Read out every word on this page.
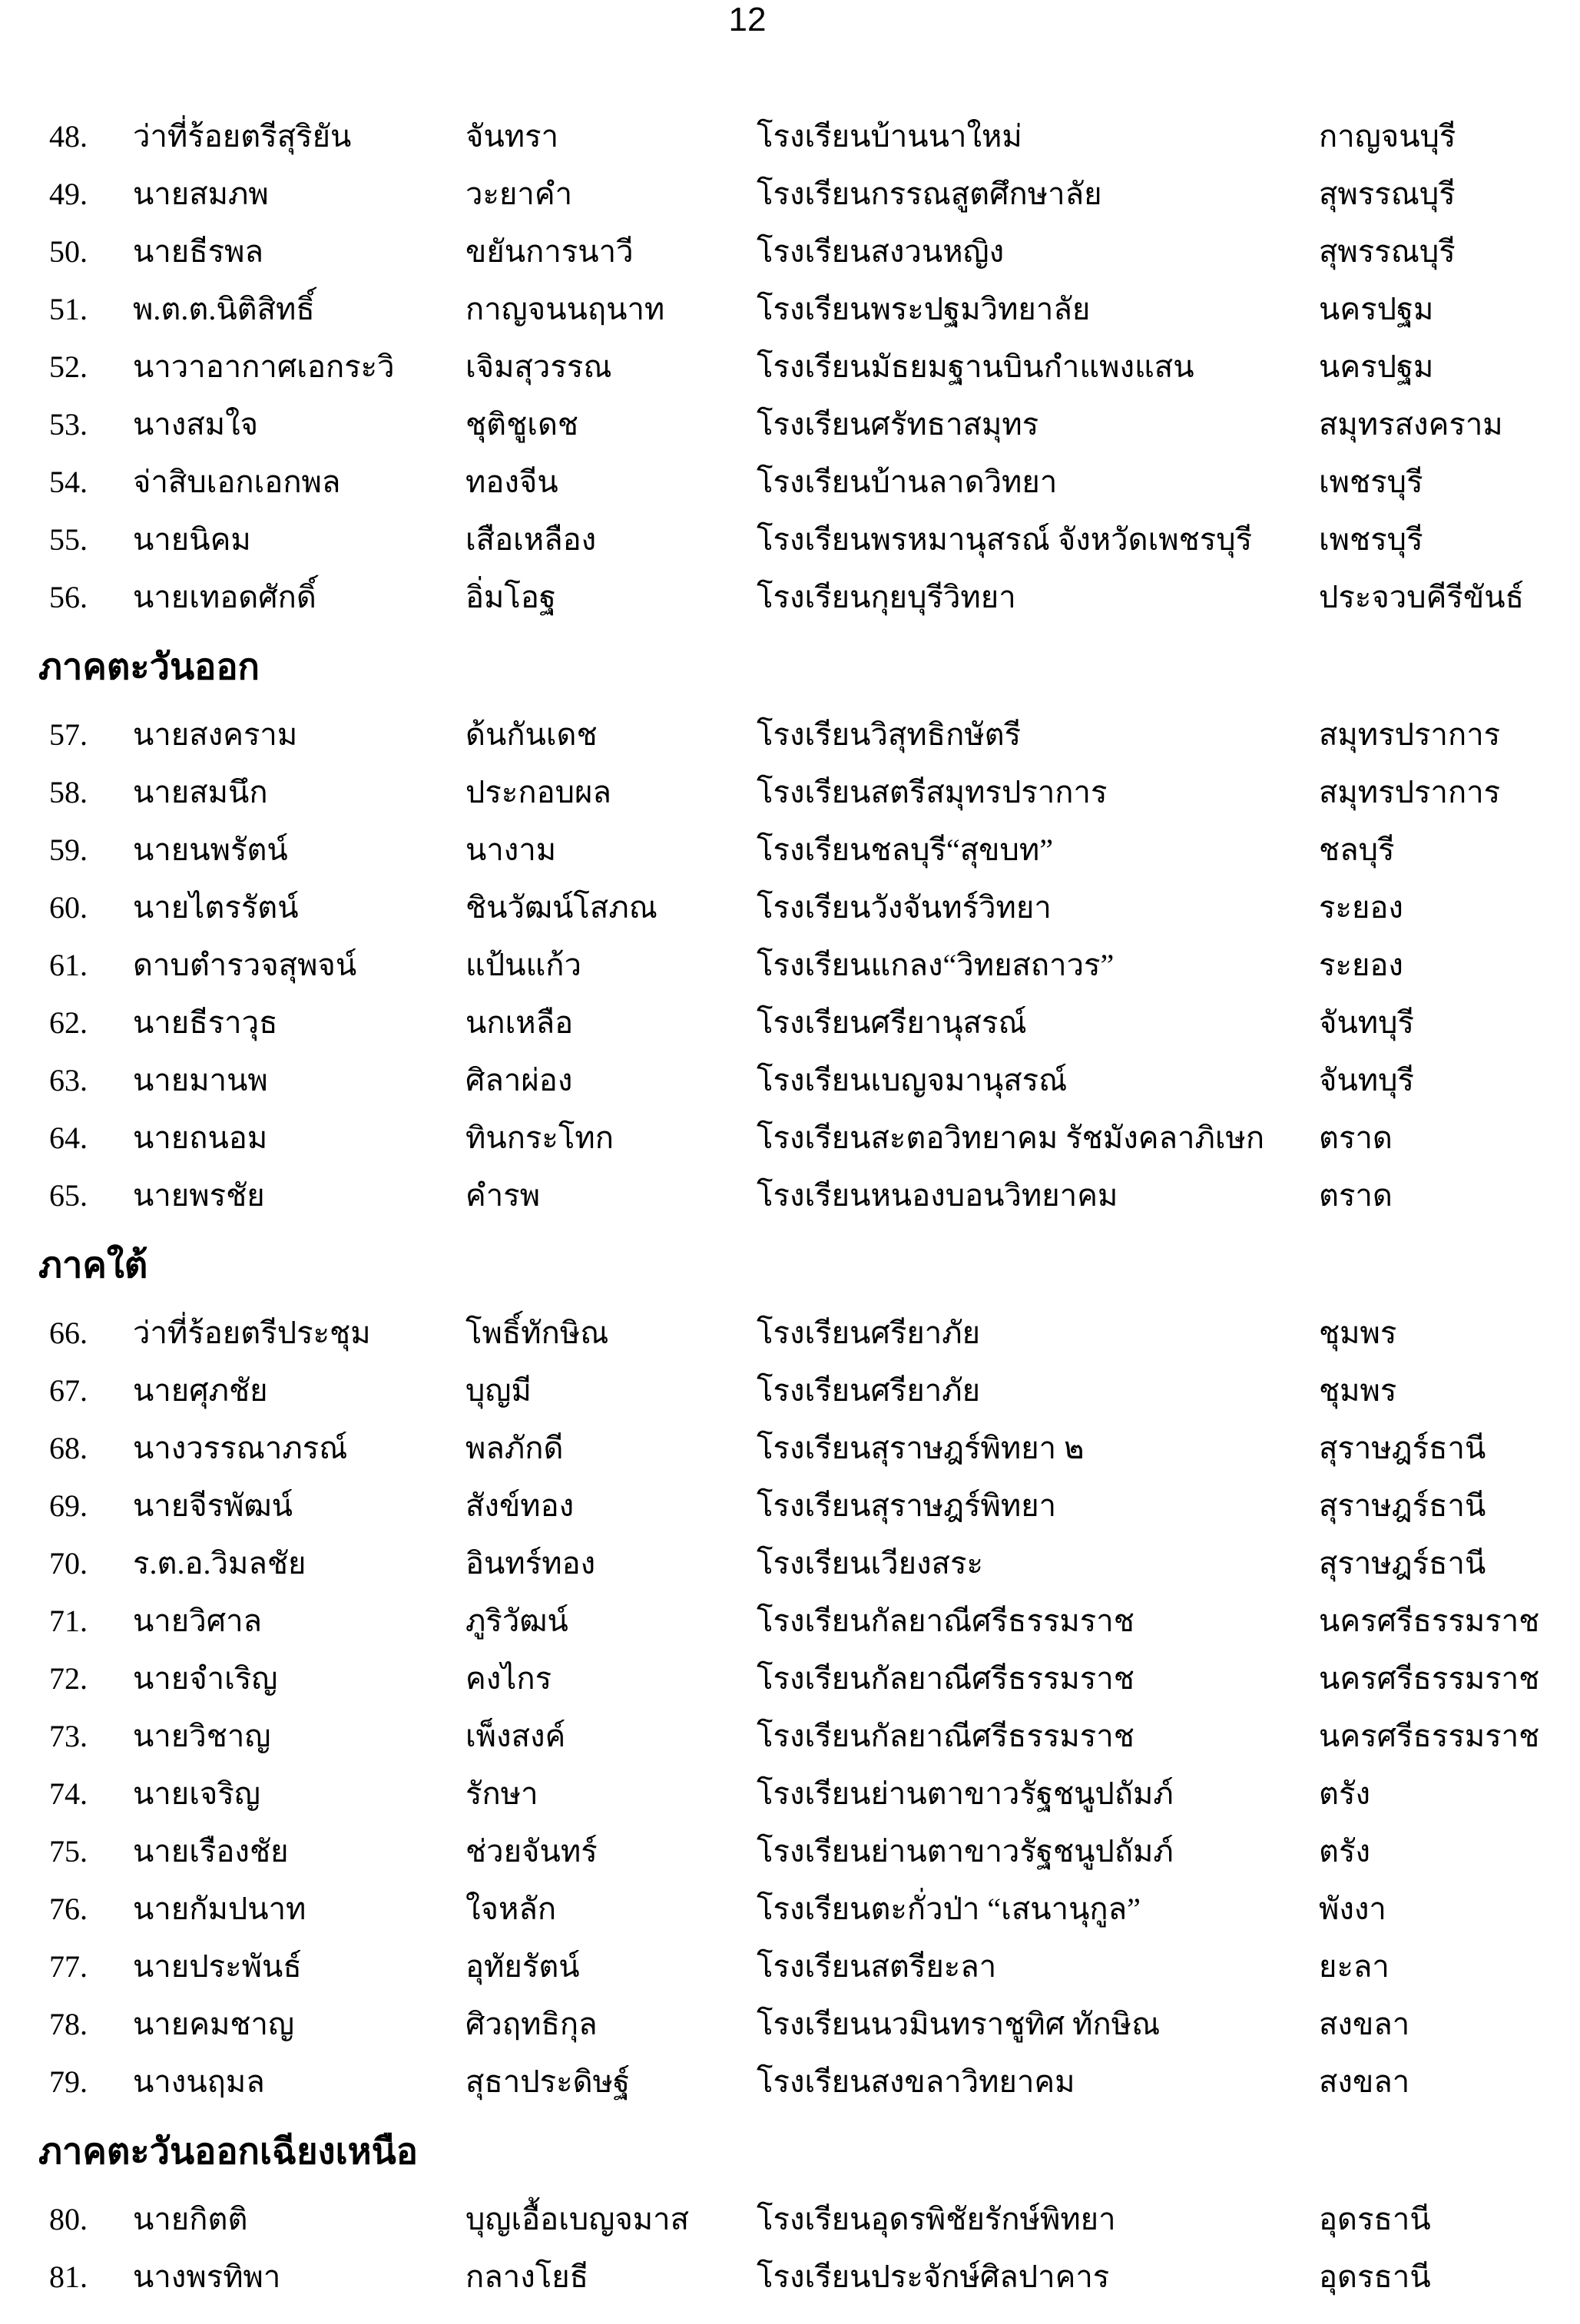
12
48.	ว่าที่ร้อยตรีสุริยัน	จันทรา	โรงเรียนบ้านนาใหม่	กาญจนบุรี
49.	นายสมภพ	วะยาคำ	โรงเรียนกรรณสูตศึกษาลัย	สุพรรณบุรี
50.	นายธีรพล	ขยันการนาวี	โรงเรียนสงวนหญิง	สุพรรณบุรี
51.	พ.ต.ต.นิติสิทธิ์	กาญจนนฤนาท	โรงเรียนพระปฐมวิทยาลัย	นครปฐม
52.	นาวาอากาศเอกระวิ	เจิมสุวรรณ	โรงเรียนมัธยมฐานบินกำแพงแสน	นครปฐม
53.	นางสมใจ	ชุติชูเดช	โรงเรียนศรัทธาสมุทร	สมุทรสงคราม
54.	จ่าสิบเอกเอกพล	ทองจีน	โรงเรียนบ้านลาดวิทยา	เพชรบุรี
55.	นายนิคม	เสือเหลือง	โรงเรียนพรหมานุสรณ์ จังหวัดเพชรบุรี	เพชรบุรี
56.	นายเทอดศักดิ์	อิ่มโอฐ	โรงเรียนกุยบุรีวิทยา	ประจวบคีรีขันธ์
ภาคตะวันออก
57.	นายสงคราม	ด้นกันเดช	โรงเรียนวิสุทธิกษัตรี	สมุทรปราการ
58.	นายสมนึก	ประกอบผล	โรงเรียนสตรีสมุทรปราการ	สมุทรปราการ
59.	นายนพรัตน์	นางาม	โรงเรียนชลบุรี“สุขบท”	ชลบุรี
60.	นายไตรรัตน์	ชินวัฒน์โสภณ	โรงเรียนวังจันทร์วิทยา	ระยอง
61.	ดาบตำรวจสุพจน์	แป้นแก้ว	โรงเรียนแกลง“วิทยสถาวร”	ระยอง
62.	นายธีราวุธ	นกเหลือ	โรงเรียนศรียานุสรณ์	จันทบุรี
63.	นายมานพ	ศิลาผ่อง	โรงเรียนเบญจมานุสรณ์	จันทบุรี
64.	นายถนอม	ทินกระโทก	โรงเรียนสะตอวิทยาคม รัชมังคลาภิเษก	ตราด
65.	นายพรชัย	คำรพ	โรงเรียนหนองบอนวิทยาคม	ตราด
ภาคใต้
66.	ว่าที่ร้อยตรีประชุม	โพธิ์ทักษิณ	โรงเรียนศรียาภัย	ชุมพร
67.	นายศุภชัย	บุญมี	โรงเรียนศรียาภัย	ชุมพร
68.	นางวรรณาภรณ์	พลภักดี	โรงเรียนสุราษฎร์พิทยา ๒	สุราษฎร์ธานี
69.	นายจีรพัฒน์	สังข์ทอง	โรงเรียนสุราษฎร์พิทยา	สุราษฎร์ธานี
70.	ร.ต.อ.วิมลชัย	อินทร์ทอง	โรงเรียนเวียงสระ	สุราษฎร์ธานี
71.	นายวิศาล	ภูริวัฒน์	โรงเรียนกัลยาณีศรีธรรมราช	นครศรีธรรมราช
72.	นายจำเริญ	คงไกร	โรงเรียนกัลยาณีศรีธรรมราช	นครศรีธรรมราช
73.	นายวิชาญ	เพ็งสงค์	โรงเรียนกัลยาณีศรีธรรมราช	นครศรีธรรมราช
74.	นายเจริญ	รักษา	โรงเรียนย่านตาขาวรัฐชนูปถัมภ์	ตรัง
75.	นายเรืองชัย	ช่วยจันทร์	โรงเรียนย่านตาขาวรัฐชนูปถัมภ์	ตรัง
76.	นายกัมปนาท	ใจหลัก	โรงเรียนตะกั่วป่า “เสนานุกูล”	พังงา
77.	นายประพันธ์	อุทัยรัตน์	โรงเรียนสตรียะลา	ยะลา
78.	นายคมชาญ	ศิวฤทธิกุล	โรงเรียนนวมินทราชูทิศ ทักษิณ	สงขลา
79.	นางนฤมล	สุธาประดิษฐ์	โรงเรียนสงขลาวิทยาคม	สงขลา
ภาคตะวันออกเฉียงเหนือ
80.	นายกิตติ	บุญเอื้อเบญจมาส	โรงเรียนอุดรพิชัยรักษ์พิทยา	อุดรธานี
81.	นางพรทิพา	กลางโยธี	โรงเรียนประจักษ์ศิลปาคาร	อุดรธานี
